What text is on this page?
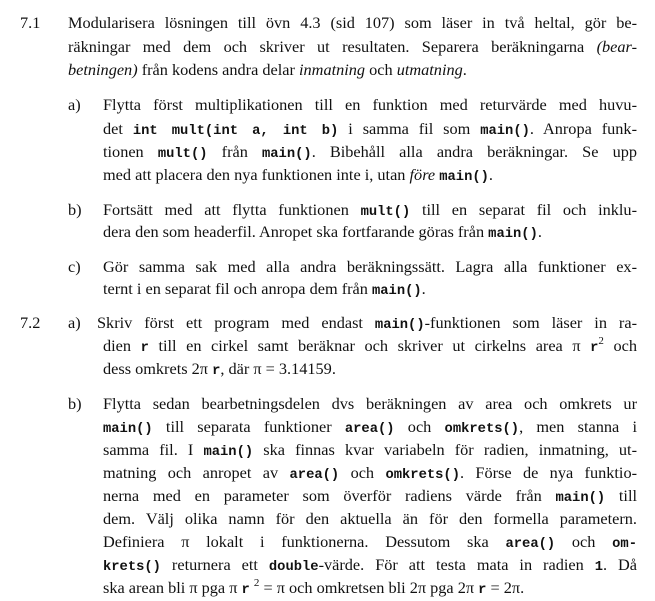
7.1 Modularisera lösningen till övn 4.3 (sid 107) som läser in två heltal, gör be-
räkningar med dem och skriver ut resultaten. Separera beräkningarna (bear-
betningen) från kodens andra delar inmatning och utmatning.
a) Flytta först multiplikationen till en funktion med returvärde med huvu-
det int mult(int a, int b) i samma fil som main(). Anropa funk-
tionen mult() från main(). Bibehåll alla andra beräkningar. Se upp
med att placera den nya funktionen inte i, utan före main().
b) Fortsätt med att flytta funktionen mult() till en separat fil och inklu-
dera den som headerfil. Anropet ska fortfarande göras från main().
c) Gör samma sak med alla andra beräkningssätt. Lagra alla funktioner ex-
ternt i en separat fil och anropa dem från main().
7.2 a) Skriv först ett program med endast main()-funktionen som läser in ra-
dien r till en cirkel samt beräknar och skriver ut cirkelns area π $r^2$ och
dess omkrets 2π r, där π = 3.14159.
b) Flytta sedan bearbetningsdelen dvs beräkningen av area och omkrets ur
main() till separata funktioner area() och omkrets(), men stanna i
samma fil. I main() ska finnas kvar variabeln för radien, inmatning, ut-
matning och anropet av area() och omkrets(). Förse de nya funktio-
nerna med en parameter som överför radiens värde från main() till
dem. Välj olika namn för den aktuella än för den formella parametern.
Definiera π lokalt i funktionerna. Dessutom ska area() och om-
krets() returnera ett double-värde. För att testa mata in radien 1. Då
ska arean bli π pga π r $^2$ = π och omkretsen bli 2π pga 2π r = 2π.
